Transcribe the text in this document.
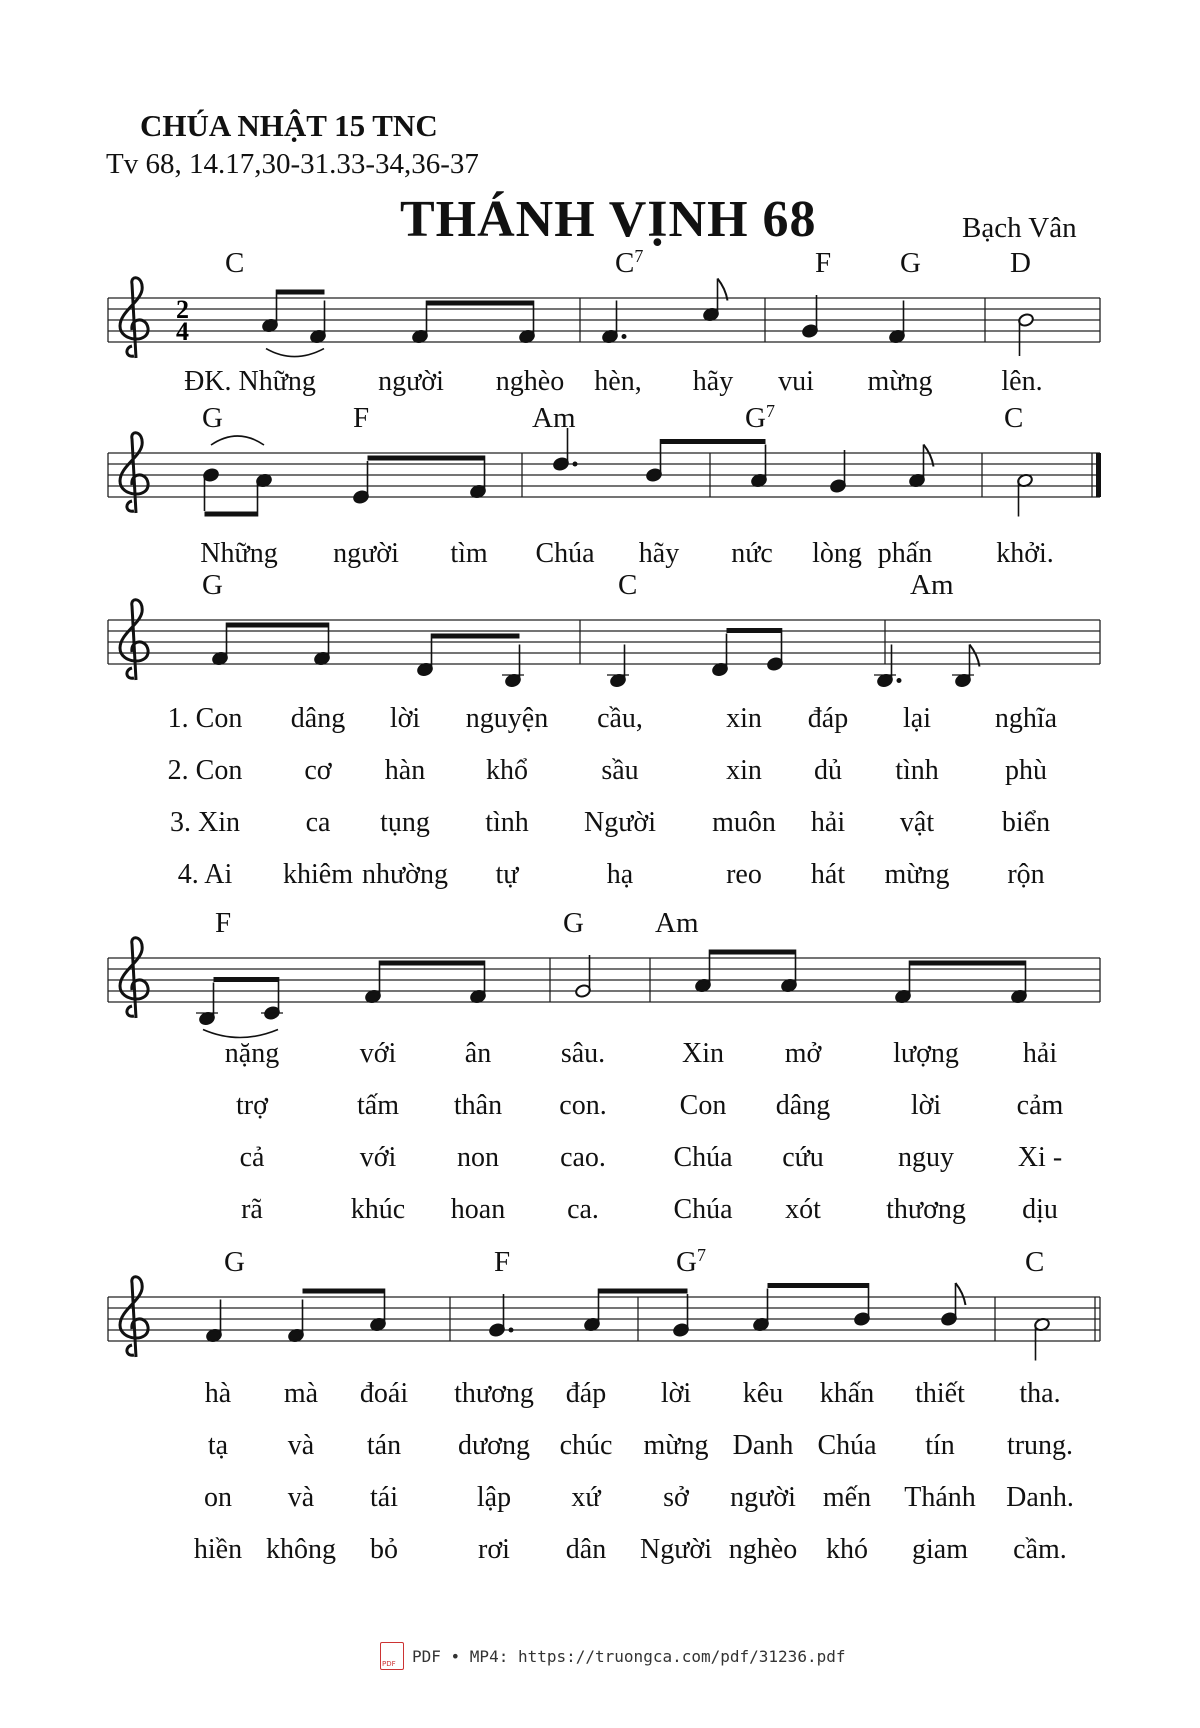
CHÚA NHẬT 15 TNC
Tv 68, 14.17,30-31.33-34,36-37
THÁNH VỊNH 68	Bạch Vân
2
4
C	$C^7$	F G	D
ĐK. Những người nghèo hèn, hãy vui mừng lên.
G	F	Am	$G^7$	C
Những người tìm Chúa hãy nức lòng phấn khởi.
G	C	Am
1. Con dâng lời nguyện cầu,	xin đáp lại nghĩa
2. Con cơ hàn khổ	sầu	xin dủ tình phù
3. Xin ca tụng tình Người muôn hải vật biển
4. Ai khiêm nhường tự	hạ	reo hát mừng rộn
F	G Am
nặng	với ân sâu.	Xin mở	lượng hải
trợ	tấm thân con.	Con dâng	lời	cảm
cả	với non cao. Chúa cứu	nguy Xi -
rã	khúc hoan ca.	Chúa xót thương dịu
G	F	$G^7$	C
hà mà đoái thương đáp lời kêu khấn thiết tha.
tạ và tán dương chúc mừng Danh Chúa tín trung.
on và tái	lập xứ sở người mến Thánh Danh.
hiền không bỏ	rơi dân Người nghèo khó giam cầm.
PDF
PDF • MP4: https://truongca.com/pdf/31236.pdf
